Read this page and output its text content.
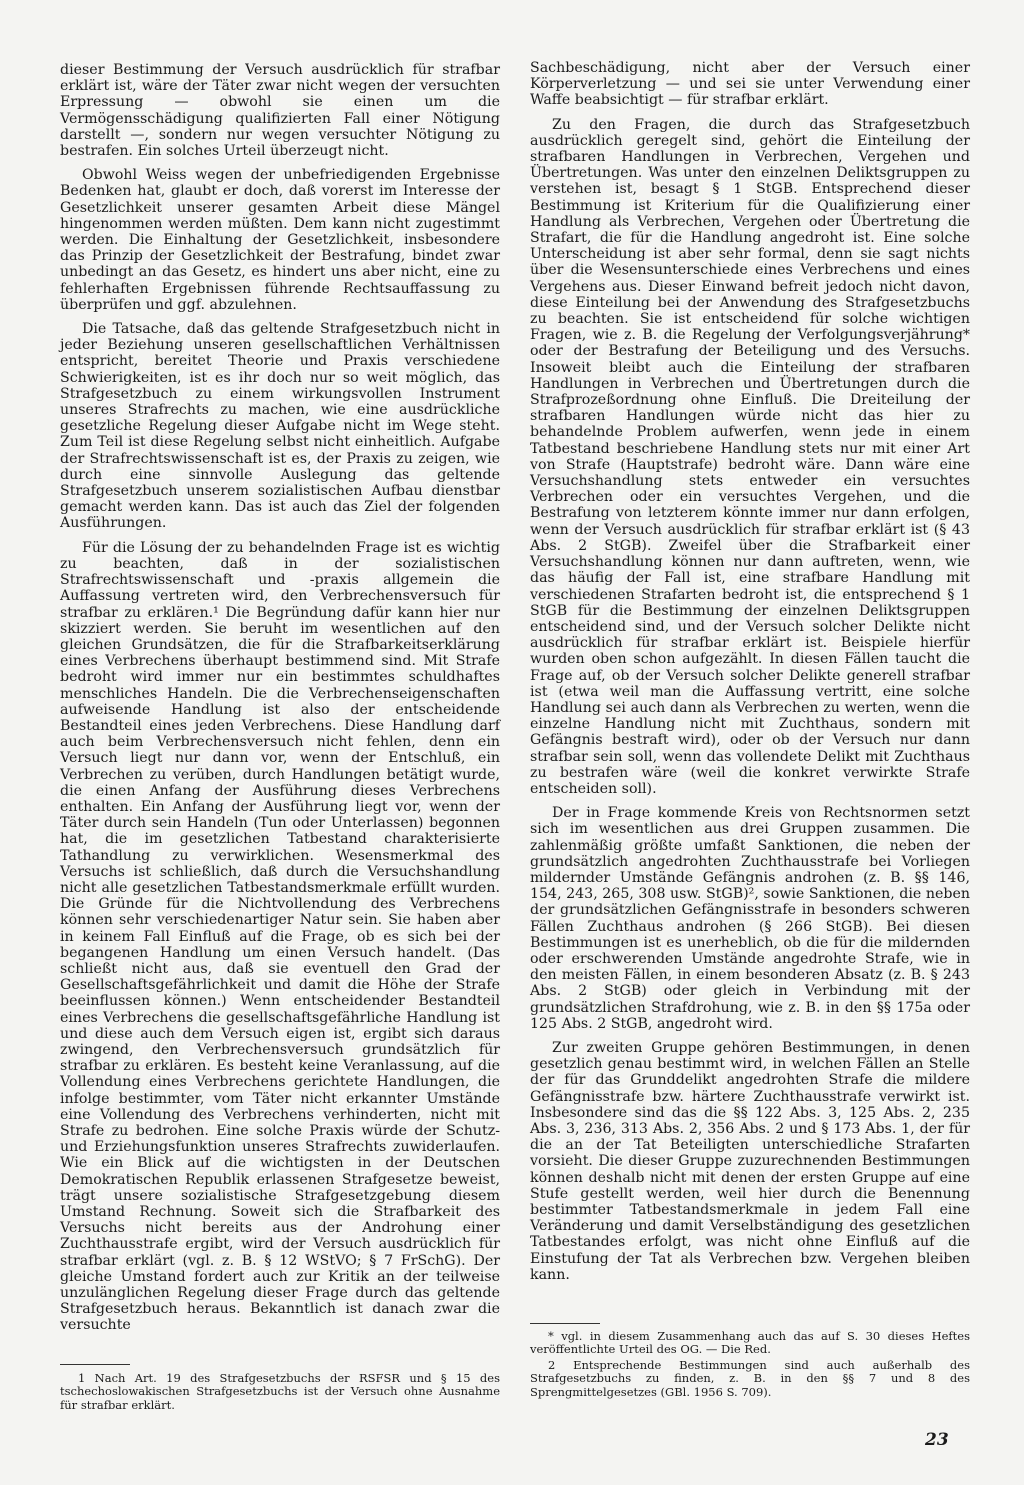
dieser Bestimmung der Versuch ausdrücklich für strafbar erklärt ist, wäre der Täter zwar nicht wegen der versuchten Erpressung — obwohl sie einen um die Vermögensschädigung qualifizierten Fall einer Nötigung darstellt —, sondern nur wegen versuchter Nötigung zu bestrafen. Ein solches Urteil überzeugt nicht.

Obwohl Weiss wegen der unbefriedigenden Ergebnisse Bedenken hat, glaubt er doch, daß vorerst im Interesse der Gesetzlichkeit unserer gesamten Arbeit diese Mängel hingenommen werden müßten. Dem kann nicht zugestimmt werden. Die Einhaltung der Gesetzlichkeit, insbesondere das Prinzip der Gesetzlichkeit der Bestrafung, bindet zwar unbedingt an das Gesetz, es hindert uns aber nicht, eine zu fehlerhaften Ergebnissen führende Rechtsauffassung zu überprüfen und ggf. abzulehnen.

Die Tatsache, daß das geltende Strafgesetzbuch nicht in jeder Beziehung unseren gesellschaftlichen Verhältnissen entspricht, bereitet Theorie und Praxis verschiedene Schwierigkeiten, ist es ihr doch nur so weit möglich, das Strafgesetzbuch zu einem wirkungsvollen Instrument unseres Strafrechts zu machen, wie eine ausdrückliche gesetzliche Regelung dieser Aufgabe nicht im Wege steht. Zum Teil ist diese Regelung selbst nicht einheitlich. Aufgabe der Strafrechtswissenschaft ist es, der Praxis zu zeigen, wie durch eine sinnvolle Auslegung das geltende Strafgesetzbuch unserem sozialistischen Aufbau dienstbar gemacht werden kann. Das ist auch das Ziel der folgenden Ausführungen.

Für die Lösung der zu behandelnden Frage ist es wichtig zu beachten, daß in der sozialistischen Strafrechtswissenschaft und -praxis allgemein die Auffassung vertreten wird, den Verbrechensversuch für strafbar zu erklären.¹ Die Begründung dafür kann hier nur skizziert werden. Sie beruht im wesentlichen auf den gleichen Grundsätzen, die für die Strafbarkeitserklärung eines Verbrechens überhaupt bestimmend sind. Mit Strafe bedroht wird immer nur ein bestimmtes schuldhaftes menschliches Handeln. Die die Verbrechenseigenschaften aufweisende Handlung ist also der entscheidende Bestandteil eines jeden Verbrechens. Diese Handlung darf auch beim Verbrechensversuch nicht fehlen, denn ein Versuch liegt nur dann vor, wenn der Entschluß, ein Verbrechen zu verüben, durch Handlungen betätigt wurde, die einen Anfang der Ausführung dieses Verbrechens enthalten. Ein Anfang der Ausführung liegt vor, wenn der Täter durch sein Handeln (Tun oder Unterlassen) begonnen hat, die im gesetzlichen Tatbestand charakterisierte Tathandlung zu verwirklichen. Wesensmerkmal des Versuchs ist schließlich, daß durch die Versuchshandlung nicht alle gesetzlichen Tatbestandsmerkmale erfüllt wurden. Die Gründe für die Nichtvollendung des Verbrechens können sehr verschiedenartiger Natur sein. Sie haben aber in keinem Fall Einfluß auf die Frage, ob es sich bei der begangenen Handlung um einen Versuch handelt. (Das schließt nicht aus, daß sie eventuell den Grad der Gesellschaftsgefährlichkeit und damit die Höhe der Strafe beeinflussen können.) Wenn entscheidender Bestandteil eines Verbrechens die gesellschaftsgefährliche Handlung ist und diese auch dem Versuch eigen ist, ergibt sich daraus zwingend, den Verbrechensversuch grundsätzlich für strafbar zu erklären. Es besteht keine Veranlassung, auf die Vollendung eines Verbrechens gerichtete Handlungen, die infolge bestimmter, vom Täter nicht erkannter Umstände eine Vollendung des Verbrechens verhinderten, nicht mit Strafe zu bedrohen. Eine solche Praxis würde der Schutz- und Erziehungsfunktion unseres Strafrechts zuwiderlaufen. Wie ein Blick auf die wichtigsten in der Deutschen Demokratischen Republik erlassenen Strafgesetze beweist, trägt unsere sozialistische Strafgesetzgebung diesem Umstand Rechnung. Soweit sich die Strafbarkeit des Versuchs nicht bereits aus der Androhung einer Zuchthausstrafe ergibt, wird der Versuch ausdrücklich für strafbar erklärt (vgl. z. B. § 12 WStVO; § 7 FrSchG). Der gleiche Umstand fordert auch zur Kritik an der teilweise unzulänglichen Regelung dieser Frage durch das geltende Strafgesetzbuch heraus. Bekanntlich ist danach zwar die versuchte

Sachbeschädigung, nicht aber der Versuch einer Körperverletzung — und sei sie unter Verwendung einer Waffe beabsichtigt — für strafbar erklärt.

Zu den Fragen, die durch das Strafgesetzbuch ausdrücklich geregelt sind, gehört die Einteilung der strafbaren Handlungen in Verbrechen, Vergehen und Übertretungen. Was unter den einzelnen Deliktsgruppen zu verstehen ist, besagt § 1 StGB. Entsprechend dieser Bestimmung ist Kriterium für die Qualifizierung einer Handlung als Verbrechen, Vergehen oder Übertretung die Strafart, die für die Handlung angedroht ist. Eine solche Unterscheidung ist aber sehr formal, denn sie sagt nichts über die Wesensunterschiede eines Verbrechens und eines Vergehens aus. Dieser Einwand befreit jedoch nicht davon, diese Einteilung bei der Anwendung des Strafgesetzbuchs zu beachten. Sie ist entscheidend für solche wichtigen Fragen, wie z. B. die Regelung der Verfolgungsverjährung* oder der Bestrafung der Beteiligung und des Versuchs. Insoweit bleibt auch die Einteilung der strafbaren Handlungen in Verbrechen und Übertretungen durch die Strafprozeßordnung ohne Einfluß. Die Dreiteilung der strafbaren Handlungen würde nicht das hier zu behandelnde Problem aufwerfen, wenn jede in einem Tatbestand beschriebene Handlung stets nur mit einer Art von Strafe (Hauptstrafe) bedroht wäre. Dann wäre eine Versuchshandlung stets entweder ein versuchtes Verbrechen oder ein versuchtes Vergehen, und die Bestrafung von letzterem könnte immer nur dann erfolgen, wenn der Versuch ausdrücklich für strafbar erklärt ist (§ 43 Abs. 2 StGB). Zweifel über die Strafbarkeit einer Versuchshandlung können nur dann auftreten, wenn, wie das häufig der Fall ist, eine strafbare Handlung mit verschiedenen Strafarten bedroht ist, die entsprechend § 1 StGB für die Bestimmung der einzelnen Deliktsgruppen entscheidend sind, und der Versuch solcher Delikte nicht ausdrücklich für strafbar erklärt ist. Beispiele hierfür wurden oben schon aufgezählt. In diesen Fällen taucht die Frage auf, ob der Versuch solcher Delikte generell strafbar ist (etwa weil man die Auffassung vertritt, eine solche Handlung sei auch dann als Verbrechen zu werten, wenn die einzelne Handlung nicht mit Zuchthaus, sondern mit Gefängnis bestraft wird), oder ob der Versuch nur dann strafbar sein soll, wenn das vollendete Delikt mit Zuchthaus zu bestrafen wäre (weil die konkret verwirkte Strafe entscheiden soll).

Der in Frage kommende Kreis von Rechtsnormen setzt sich im wesentlichen aus drei Gruppen zusammen. Die zahlenmäßig größte umfaßt Sanktionen, die neben der grundsätzlich angedrohten Zuchthausstrafe bei Vorliegen mildernder Umstände Gefängnis androhen (z. B. §§ 146, 154, 243, 265, 308 usw. StGB)², sowie Sanktionen, die neben der grundsätzlichen Gefängnisstrafe in besonders schweren Fällen Zuchthaus androhen (§ 266 StGB). Bei diesen Bestimmungen ist es unerheblich, ob die für die mildernden oder erschwerenden Umstände angedrohte Strafe, wie in den meisten Fällen, in einem besonderen Absatz (z. B. § 243 Abs. 2 StGB) oder gleich in Verbindung mit der grundsätzlichen Strafdrohung, wie z. B. in den §§ 175a oder 125 Abs. 2 StGB, angedroht wird.

Zur zweiten Gruppe gehören Bestimmungen, in denen gesetzlich genau bestimmt wird, in welchen Fällen an Stelle der für das Grunddelikt angedrohten Strafe die mildere Gefängnisstrafe bzw. härtere Zuchthausstrafe verwirkt ist. Insbesondere sind das die §§ 122 Abs. 3, 125 Abs. 2, 235 Abs. 3, 236, 313 Abs. 2, 356 Abs. 2 und § 173 Abs. 1, der für die an der Tat Beteiligten unterschiedliche Strafarten vorsieht. Die dieser Gruppe zuzurechnenden Bestimmungen können deshalb nicht mit denen der ersten Gruppe auf eine Stufe gestellt werden, weil hier durch die Benennung bestimmter Tatbestandsmerkmale in jedem Fall eine Veränderung und damit Verselbständigung des gesetzlichen Tatbestandes erfolgt, was nicht ohne Einfluß auf die Einstufung der Tat als Verbrechen bzw. Vergehen bleiben kann.

1 Nach Art. 19 des Strafgesetzbuchs der RSFSR und § 15 des tschechoslowakischen Strafgesetzbuchs ist der Versuch ohne Ausnahme für strafbar erklärt.

* vgl. in diesem Zusammenhang auch das auf S. 30 dieses Heftes veröffentlichte Urteil des OG. — Die Red.

2 Entsprechende Bestimmungen sind auch außerhalb des Strafgesetzbuchs zu finden, z. B. in den §§ 7 und 8 des Sprengmittelgesetzes (GBl. 1956 S. 709).

23
